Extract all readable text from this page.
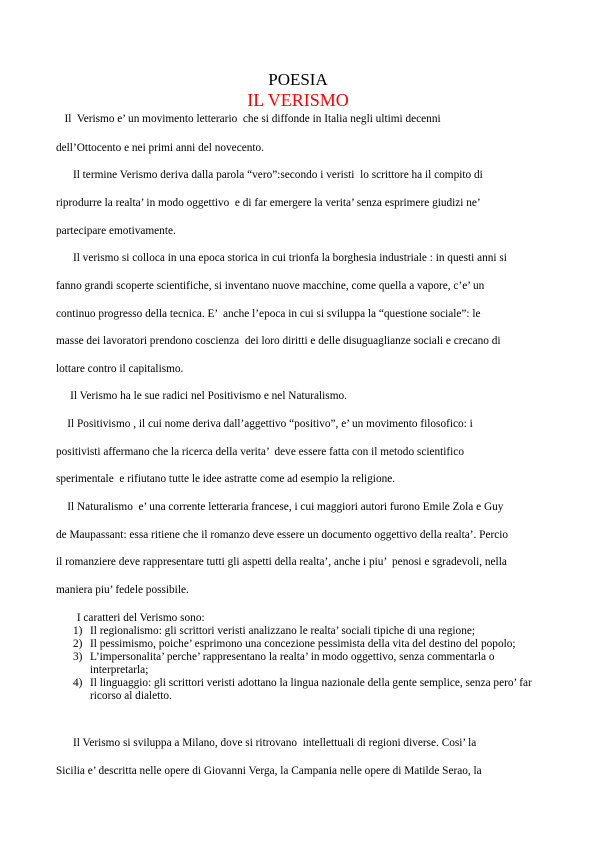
POESIA
IL VERISMO
Il  Verismo e’ un movimento letterario  che si diffonde in Italia negli ultimi decenni
dell’Ottocento e nei primi anni del novecento.
Il termine Verismo deriva dalla parola “vero”:secondo i veristi  lo scrittore ha il compito di
riprodurre la realta’ in modo oggettivo  e di far emergere la verita’ senza esprimere giudizi ne’
partecipare emotivamente.
Il verismo si colloca in una epoca storica in cui trionfa la borghesia industriale : in questi anni si
fanno grandi scoperte scientifiche, si inventano nuove macchine, come quella a vapore, c’e’ un
continuo progresso della tecnica. E’  anche l’epoca in cui si sviluppa la “questione sociale”: le
masse dei lavoratori prendono coscienza  dei loro diritti e delle disuguaglianze sociali e crecano di
lottare contro il capitalismo.
Il Verismo ha le sue radici nel Positivismo e nel Naturalismo.
Il Positivismo , il cui nome deriva dall’aggettivo “positivo”, e’ un movimento filosofico: i
positivisti affermano che la ricerca della verita’  deve essere fatta con il metodo scientifico
sperimentale  e rifiutano tutte le idee astratte come ad esempio la religione.
Il Naturalismo  e’ una corrente letteraria francese, i cui maggiori autori furono Emile Zola e Guy
de Maupassant: essa ritiene che il romanzo deve essere un documento oggettivo della realta’. Percio
il romanziere deve rappresentare tutti gli aspetti della realta’, anche i piu’  penosi e sgradevoli, nella
maniera piu’ fedele possibile.
I caratteri del Verismo sono:
1) Il regionalismo: gli scrittori veristi analizzano le realta’ sociali tipiche di una regione;
2) Il pessimismo, poiche’ esprimono una concezione pessimista della vita del destino del popolo;
3) L’impersonalita’ perche’ rappresentano la realta’ in modo oggettivo, senza commentarla o interpretarla;
4) Il linguaggio: gli scrittori veristi adottano la lingua nazionale della gente semplice, senza pero’ far ricorso al dialetto.
Il Verismo si sviluppa a Milano, dove si ritrovano  intellettuali di regioni diverse. Cosi’ la
Sicilia e’ descritta nelle opere di Giovanni Verga, la Campania nelle opere di Matilde Serao, la
